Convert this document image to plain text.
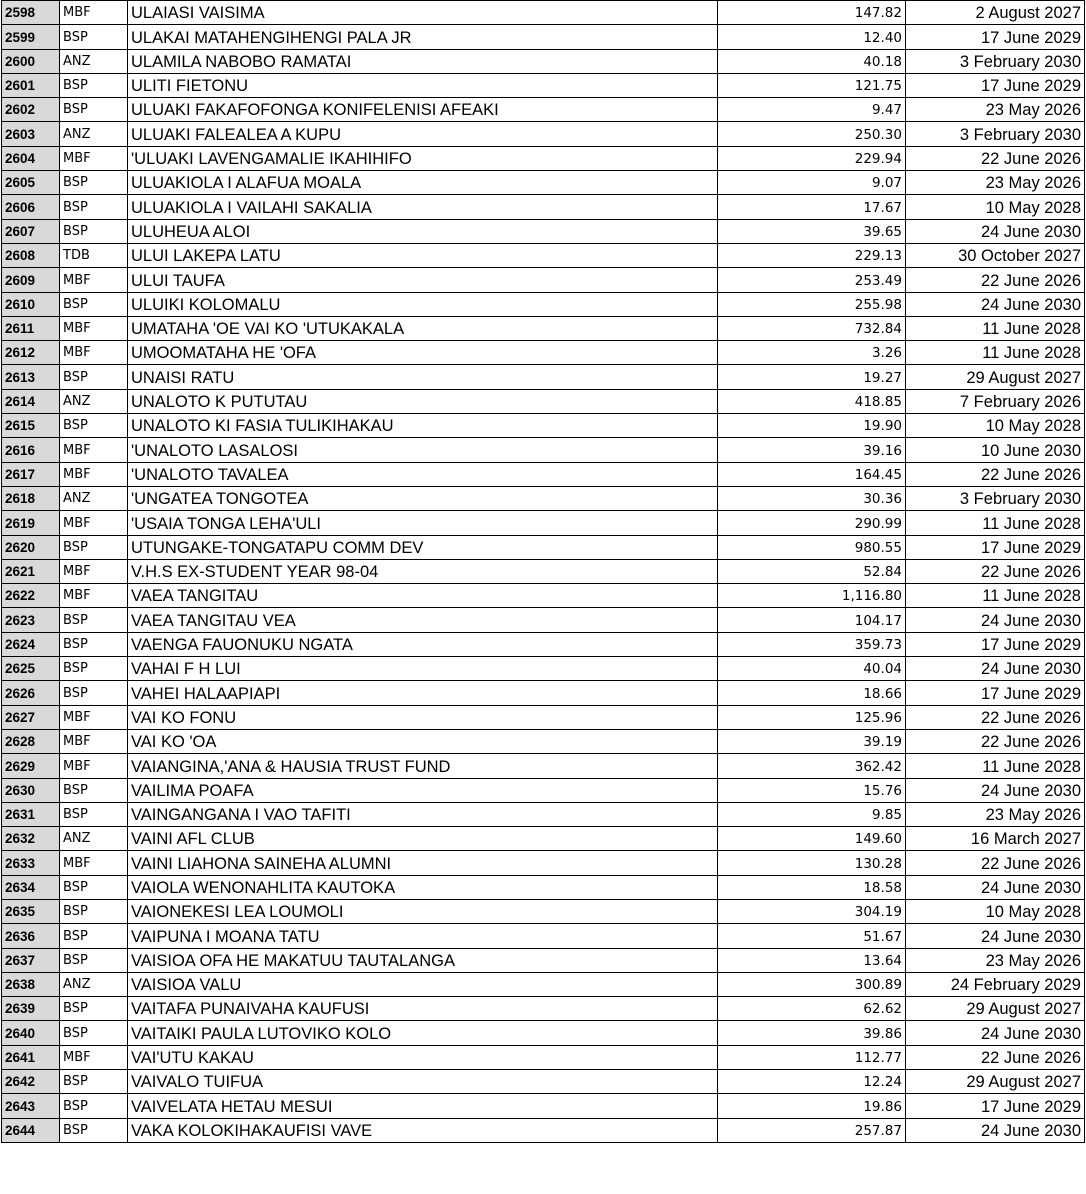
2598	MBF	ULAIASI VAISIMA	147.82	2 August 2027
2599	BSP	ULAKAI MATAHENGIHENGI PALA JR	12.40	17 June 2029
2600	ANZ	ULAMILA NABOBO RAMATAI	40.18	3 February 2030
2601	BSP	ULITI FIETONU	121.75	17 June 2029
2602	BSP	ULUAKI FAKAFOFONGA KONIFELENISI AFEAKI	9.47	23 May 2026
2603	ANZ	ULUAKI FALEALEA A KUPU	250.30	3 February 2030
2604	MBF	'ULUAKI LAVENGAMALIE IKAHIHIFO	229.94	22 June 2026
2605	BSP	ULUAKIOLA I ALAFUA MOALA	9.07	23 May 2026
2606	BSP	ULUAKIOLA I VAILAHI SAKALIA	17.67	10 May 2028
2607	BSP	ULUHEUA ALOI	39.65	24 June 2030
2608	TDB	ULUI LAKEPA LATU	229.13	30 October 2027
2609	MBF	ULUI TAUFA	253.49	22 June 2026
2610	BSP	ULUIKI KOLOMALU	255.98	24 June 2030
2611	MBF	UMATAHA 'OE VAI KO 'UTUKAKALA	732.84	11 June 2028
2612	MBF	UMOOMATAHA HE 'OFA	3.26	11 June 2028
2613	BSP	UNAISI RATU	19.27	29 August 2027
2614	ANZ	UNALOTO K PUTUTAU	418.85	7 February 2026
2615	BSP	UNALOTO KI FASIA TULIKIHAKAU	19.90	10 May 2028
2616	MBF	'UNALOTO LASALOSI	39.16	10 June 2030
2617	MBF	'UNALOTO TAVALEA	164.45	22 June 2026
2618	ANZ	'UNGATEA TONGOTEA	30.36	3 February 2030
2619	MBF	'USAIA TONGA LEHA'ULI	290.99	11 June 2028
2620	BSP	UTUNGAKE-TONGATAPU COMM DEV	980.55	17 June 2029
2621	MBF	V.H.S EX-STUDENT YEAR 98-04	52.84	22 June 2026
2622	MBF	VAEA TANGITAU	1,116.80	11 June 2028
2623	BSP	VAEA TANGITAU VEA	104.17	24 June 2030
2624	BSP	VAENGA FAUONUKU NGATA	359.73	17 June 2029
2625	BSP	VAHAI F H LUI	40.04	24 June 2030
2626	BSP	VAHEI HALAAPIAPI	18.66	17 June 2029
2627	MBF	VAI KO FONU	125.96	22 June 2026
2628	MBF	VAI KO 'OA	39.19	22 June 2026
2629	MBF	VAIANGINA,'ANA & HAUSIA TRUST FUND	362.42	11 June 2028
2630	BSP	VAILIMA POAFA	15.76	24 June 2030
2631	BSP	VAINGANGANA I VAO TAFITI	9.85	23 May 2026
2632	ANZ	VAINI AFL CLUB	149.60	16 March 2027
2633	MBF	VAINI LIAHONA SAINEHA ALUMNI	130.28	22 June 2026
2634	BSP	VAIOLA WENONAHLITA KAUTOKA	18.58	24 June 2030
2635	BSP	VAIONEKESI LEA LOUMOLI	304.19	10 May 2028
2636	BSP	VAIPUNA I MOANA TATU	51.67	24 June 2030
2637	BSP	VAISIOA OFA HE MAKATUU TAUTALANGA	13.64	23 May 2026
2638	ANZ	VAISIOA VALU	300.89	24 February 2029
2639	BSP	VAITAFA PUNAIVAHA KAUFUSI	62.62	29 August 2027
2640	BSP	VAITAIKI PAULA LUTOVIKO KOLO	39.86	24 June 2030
2641	MBF	VAI'UTU KAKAU	112.77	22 June 2026
2642	BSP	VAIVALO TUIFUA	12.24	29 August 2027
2643	BSP	VAIVELATA HETAU MESUI	19.86	17 June 2029
2644	BSP	VAKA KOLOKIHAKAUFISI VAVE	257.87	24 June 2030
